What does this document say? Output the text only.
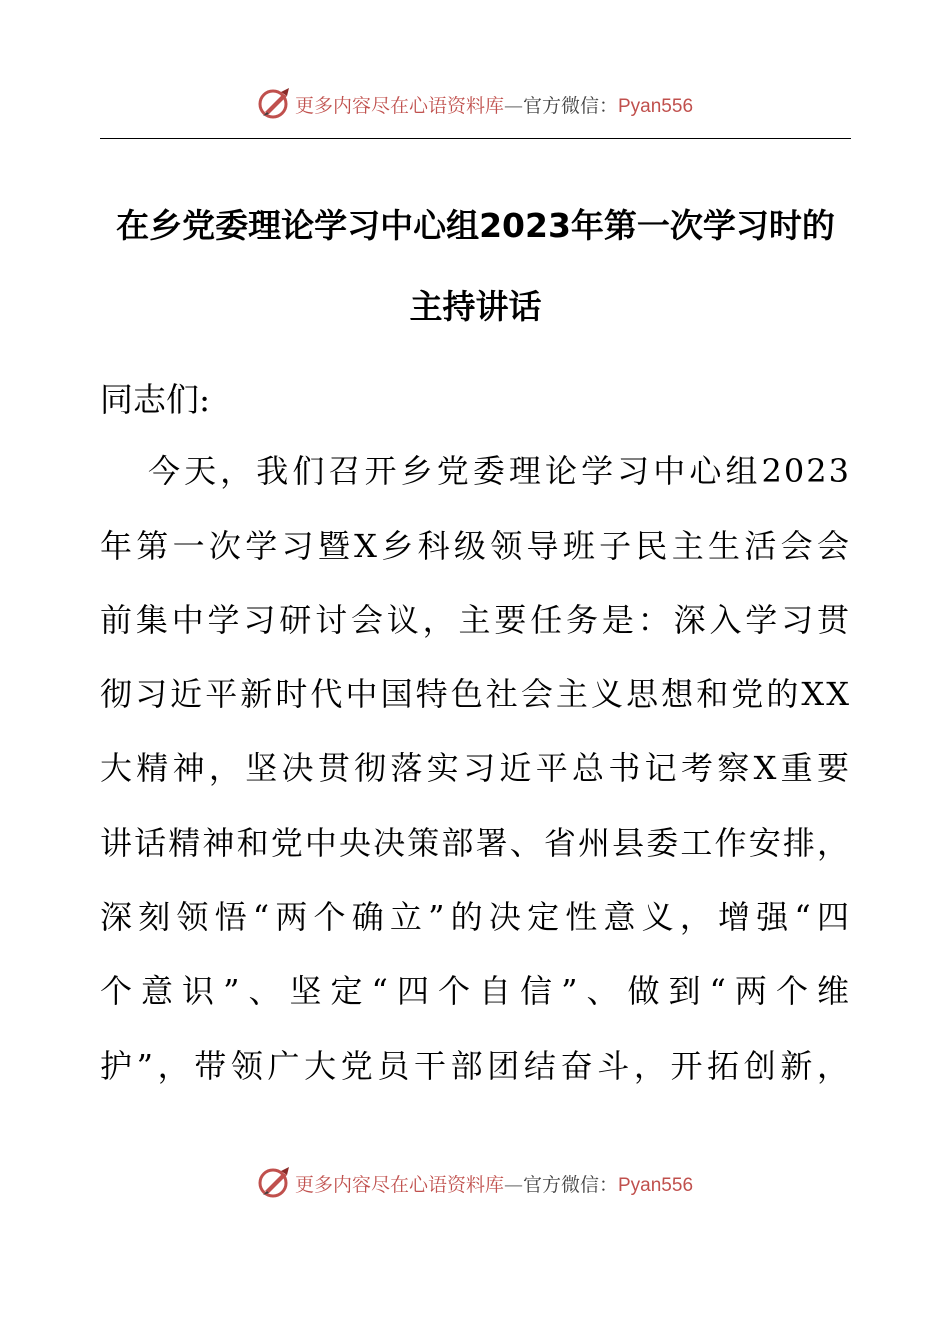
更多内容尽在心语资料库—官方微信：Pyan556
在乡党委理论学习中心组2023年第一次学习时的
主持讲话
同志们:
今天，我们召开乡党委理论学习中心组2023
年第一次学习暨X乡科级领导班子民主生活会会
前集中学习研讨会议，主要任务是：深入学习贯
彻习近平新时代中国特色社会主义思想和党的XX
大精神，坚决贯彻落实习近平总书记考察X重要
讲话精神和党中央决策部署、省州县委工作安排，
深刻领悟“两个确立”的决定性意义，增强“四
个意识”、坚定“四个自信”、做到“两个维
护”，带领广大党员干部团结奋斗，开拓创新，
更多内容尽在心语资料库—官方微信：Pyan556
